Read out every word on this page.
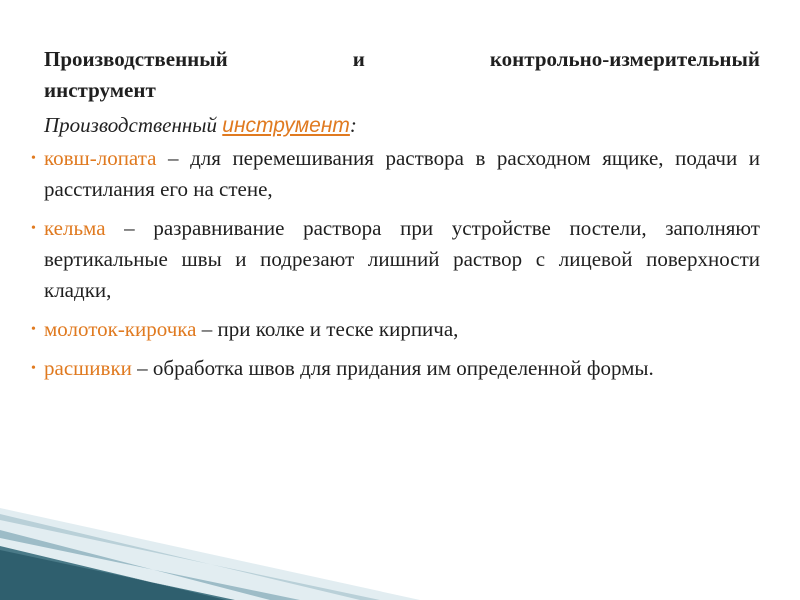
Производственный и контрольно-измерительный
инструмент
Производственный инструмент:
• ковш-лопата – для перемешивания раствора в расходном ящике, подачи и расстилания его на стене,
• кельма – разравнивание раствора при устройстве постели, заполняют вертикальные швы и подрезают лишний раствор с лицевой поверхности кладки,
• молоток-кирочка – при колке и теске кирпича,
• расшивки – обработка швов для придания им определенной формы.
